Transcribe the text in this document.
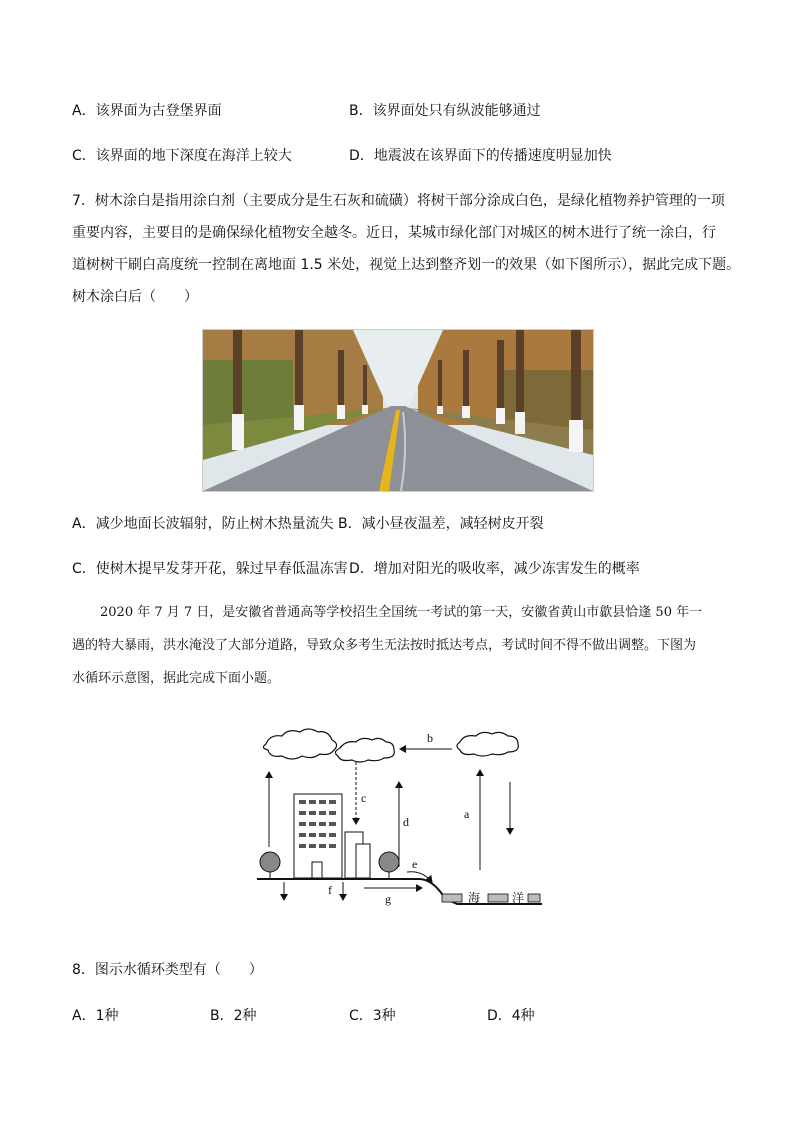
A．该界面为古登堡界面	B．该界面处只有纵波能够通过
C．该界面的地下深度在海洋上较大	D．地震波在该界面下的传播速度明显加快
7．树木涂白是指用涂白剂（主要成分是生石灰和硫磺）将树干部分涂成白色，是绿化植物养护管理的一项
重要内容，主要目的是确保绿化植物安全越冬。近日，某城市绿化部门对城区的树木进行了统一涂白，行
道树树干刷白高度统一控制在离地面 1.5 米处，视觉上达到整齐划一的效果（如下图所示），据此完成下题。
树木涂白后（　　）
A．减少地面长波辐射，防止树木热量流失 B．减小昼夜温差，减轻树皮开裂
C．使树木提早发芽开花，躲过早春低温冻害 D．增加对阳光的吸收率，减少冻害发生的概率
2020 年 7 月 7 日，是安徽省普通高等学校招生全国统一考试的第一天，安徽省黄山市歙县恰逢 50 年一
遇的特大暴雨，洪水淹没了大部分道路，导致众多考生无法按时抵达考点，考试时间不得不做出调整。下图为
水循环示意图，据此完成下面小题。
b
c
d
a
e
f
g	海	洋
8．图示水循环类型有（　　）
A．1种	B．2种	C．3种	D．4种
